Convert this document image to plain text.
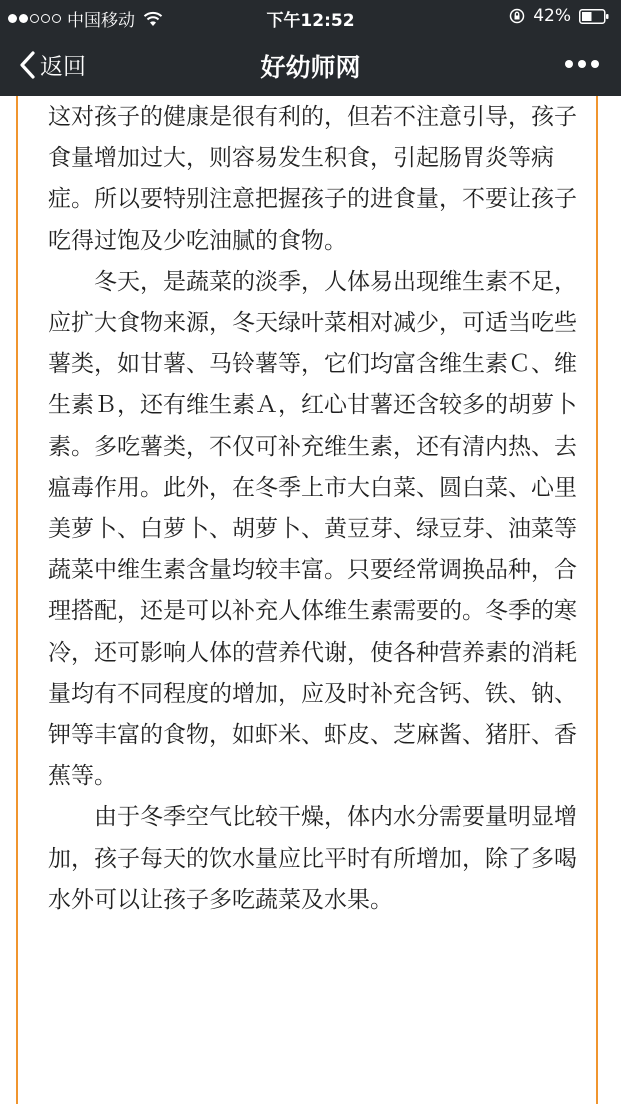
中国移动	下午12:52	42%
返回	好幼师网

这对孩子的健康是很有利的，但若不注意引导，孩子食量增加过大，则容易发生积食，引起肠胃炎等病症。所以要特别注意把握孩子的进食量，不要让孩子吃得过饱及少吃油腻的食物。

冬天，是蔬菜的淡季，人体易出现维生素不足，应扩大食物来源，冬天绿叶菜相对减少，可适当吃些薯类，如甘薯、马铃薯等，它们均富含维生素Ｃ、维生素Ｂ，还有维生素Ａ，红心甘薯还含较多的胡萝卜素。多吃薯类，不仅可补充维生素，还有清内热、去瘟毒作用。此外，在冬季上市大白菜、圆白菜、心里美萝卜、白萝卜、胡萝卜、黄豆芽、绿豆芽、油菜等蔬菜中维生素含量均较丰富。只要经常调换品种，合理搭配，还是可以补充人体维生素需要的。冬季的寒冷，还可影响人体的营养代谢，使各种营养素的消耗量均有不同程度的增加，应及时补充含钙、铁、钠、钾等丰富的食物，如虾米、虾皮、芝麻酱、猪肝、香蕉等。

由于冬季空气比较干燥，体内水分需要量明显增加，孩子每天的饮水量应比平时有所增加，除了多喝水外可以让孩子多吃蔬菜及水果。
